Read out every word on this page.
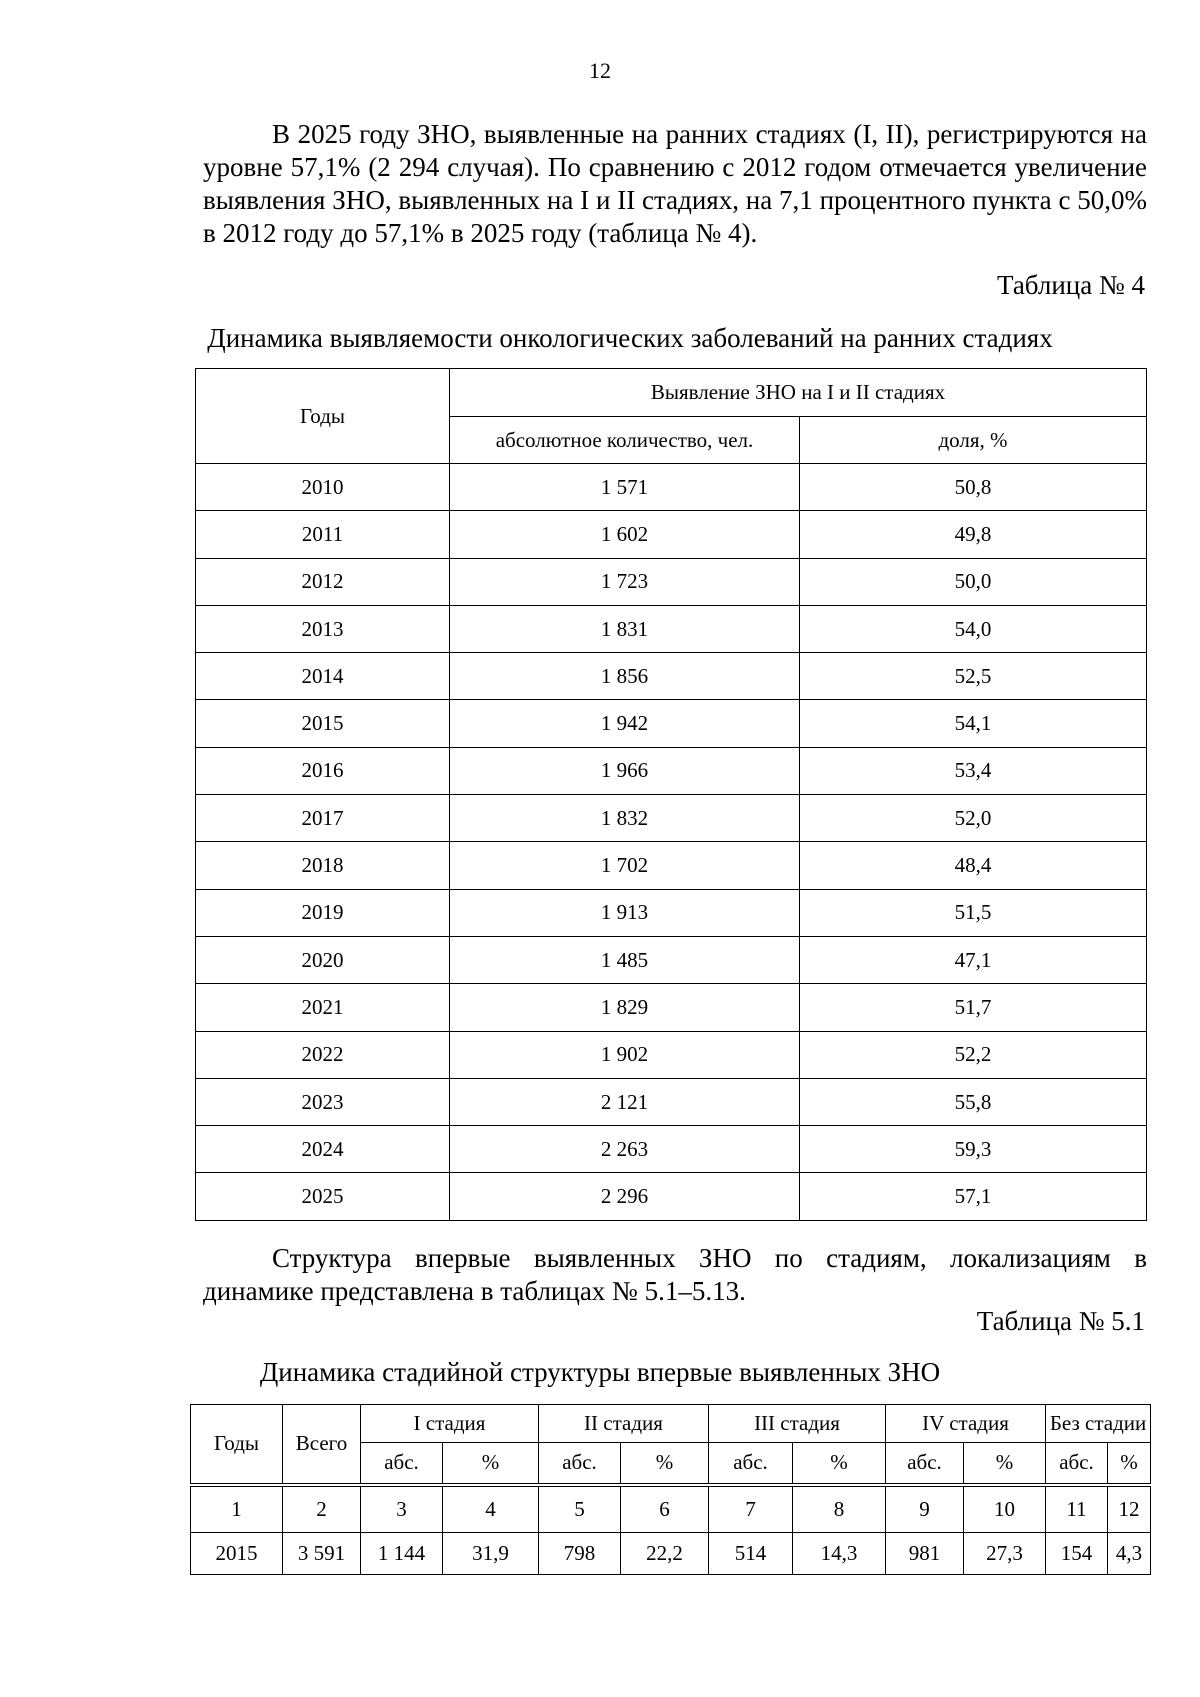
12

В 2025 году ЗНО, выявленные на ранних стадиях (I, II), регистрируются на уровне 57,1% (2 294 случая). По сравнению с 2012 годом отмечается увеличение выявления ЗНО, выявленных на I и II стадиях, на 7,1 процентного пункта с 50,0% в 2012 году до 57,1% в 2025 году (таблица № 4).

Таблица № 4
Динамика выявляемости онкологических заболеваний на ранних стадиях
Годы	Выявление ЗНО на I и II стадиях	
	абсолютное количество, чел.	доля, %
2010	1 571	50,8
2011	1 602	49,8
2012	1 723	50,0
2013	1 831	54,0
2014	1 856	52,5
2015	1 942	54,1
2016	1 966	53,4
2017	1 832	52,0
2018	1 702	48,4
2019	1 913	51,5
2020	1 485	47,1
2021	1 829	51,7
2022	1 902	52,2
2023	2 121	55,8
2024	2 263	59,3
2025	2 296	57,1

Структура впервые выявленных ЗНО по стадиям, локализациям в динамике представлена в таблицах № 5.1–5.13.

Таблица № 5.1
Динамика стадийной структуры впервые выявленных ЗНО
Годы	Всего	I стадия		II стадия		III стадия		IV стадия		Без стадии	
		абс.	%	абс.	%	абс.	%	абс.	%	абс.	%
1	2	3	4	5	6	7	8	9	10	11	12
2015	3 591	1 144	31,9	798	22,2	514	14,3	981	27,3	154	4,3
